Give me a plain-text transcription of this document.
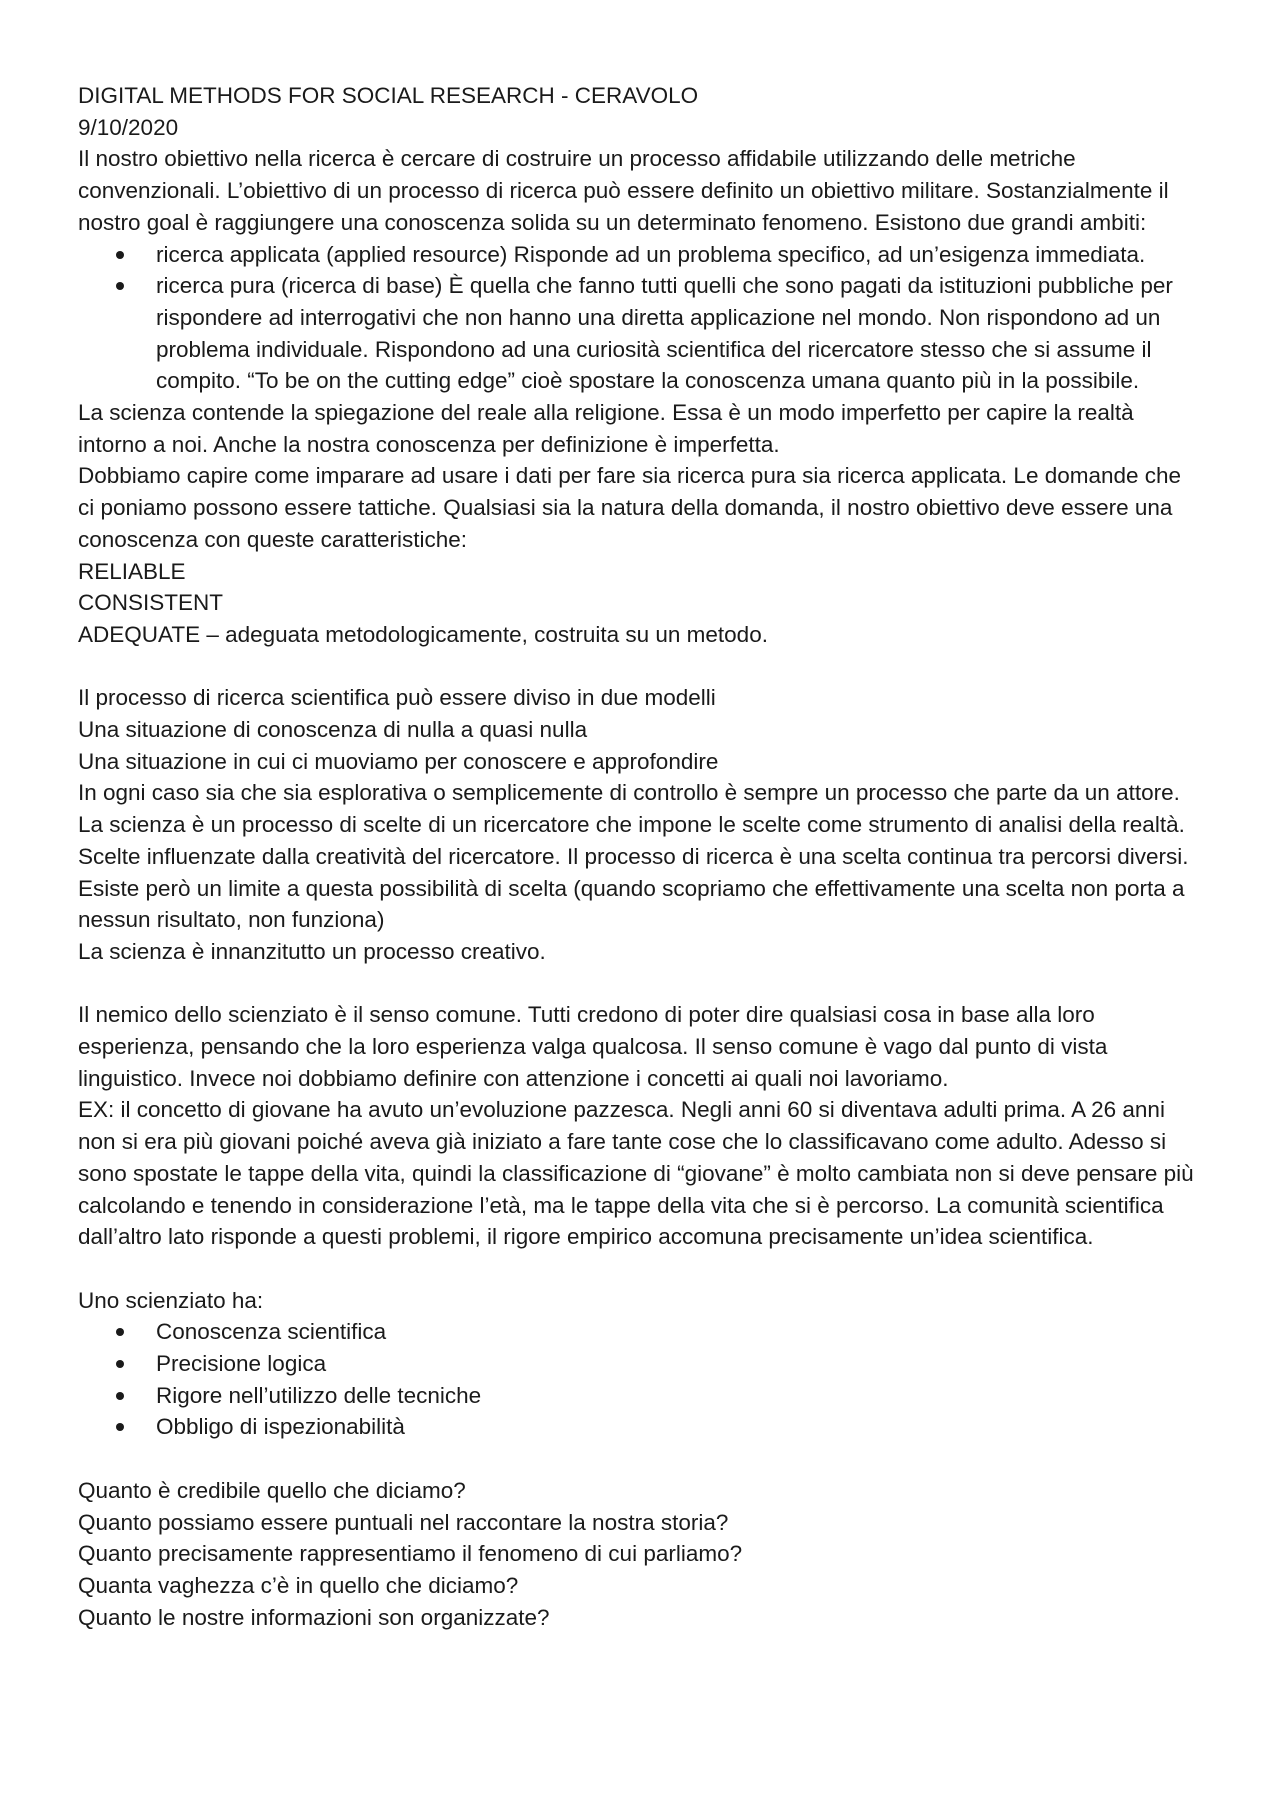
DIGITAL METHODS FOR SOCIAL RESEARCH - CERAVOLO

9/10/2020

Il nostro obiettivo nella ricerca è cercare di costruire un processo affidabile utilizzando delle metriche convenzionali. L’obiettivo di un processo di ricerca può essere definito un obiettivo militare. Sostanzialmente il nostro goal è raggiungere una conoscenza solida su un determinato fenomeno. Esistono due grandi ambiti:

ricerca applicata (applied resource) Risponde ad un problema specifico, ad un’esigenza immediata.
ricerca pura (ricerca di base) È quella che fanno tutti quelli che sono pagati da istituzioni pubbliche per rispondere ad interrogativi che non hanno una diretta applicazione nel mondo. Non rispondono ad un problema individuale. Rispondono ad una curiosità scientifica del ricercatore stesso che si assume il compito. “To be on the cutting edge” cioè spostare la conoscenza umana quanto più in la possibile.

La scienza contende la spiegazione del reale alla religione. Essa è un modo imperfetto per capire la realtà intorno a noi. Anche la nostra conoscenza per definizione è imperfetta.

Dobbiamo capire come imparare ad usare i dati per fare sia ricerca pura sia ricerca applicata. Le domande che ci poniamo possono essere tattiche. Qualsiasi sia la natura della domanda, il nostro obiettivo deve essere una conoscenza con queste caratteristiche:

RELIABLE

CONSISTENT

ADEQUATE – adeguata metodologicamente, costruita su un metodo.

Il processo di ricerca scientifica può essere diviso in due modelli

Una situazione di conoscenza di nulla a quasi nulla

Una situazione in cui ci muoviamo per conoscere e approfondire

In ogni caso sia che sia esplorativa o semplicemente di controllo è sempre un processo che parte da un attore. La scienza è un processo di scelte di un ricercatore che impone le scelte come strumento di analisi della realtà. Scelte influenzate dalla creatività del ricercatore. Il processo di ricerca è una scelta continua tra percorsi diversi. Esiste però un limite a questa possibilità di scelta (quando scopriamo che effettivamente una scelta non porta a nessun risultato, non funziona)

La scienza è innanzitutto un processo creativo.

Il nemico dello scienziato è il senso comune. Tutti credono di poter dire qualsiasi cosa in base alla loro esperienza, pensando che la loro esperienza valga qualcosa. Il senso comune è vago dal punto di vista linguistico. Invece noi dobbiamo definire con attenzione i concetti ai quali noi lavoriamo.

EX: il concetto di giovane ha avuto un’evoluzione pazzesca. Negli anni 60 si diventava adulti prima. A 26 anni non si era più giovani poiché aveva già iniziato a fare tante cose che lo classificavano come adulto. Adesso si sono spostate le tappe della vita, quindi la classificazione di “giovane” è molto cambiata non si deve pensare più calcolando e tenendo in considerazione l’età, ma le tappe della vita che si è percorso. La comunità scientifica dall’altro lato risponde a questi problemi, il rigore empirico accomuna precisamente un’idea scientifica.

Uno scienziato ha:

Conoscenza scientifica
Precisione logica
Rigore nell’utilizzo delle tecniche
Obbligo di ispezionabilità

Quanto è credibile quello che diciamo?

Quanto possiamo essere puntuali nel raccontare la nostra storia?

Quanto precisamente rappresentiamo il fenomeno di cui parliamo?

Quanta vaghezza c’è in quello che diciamo?

Quanto le nostre informazioni son organizzate?
